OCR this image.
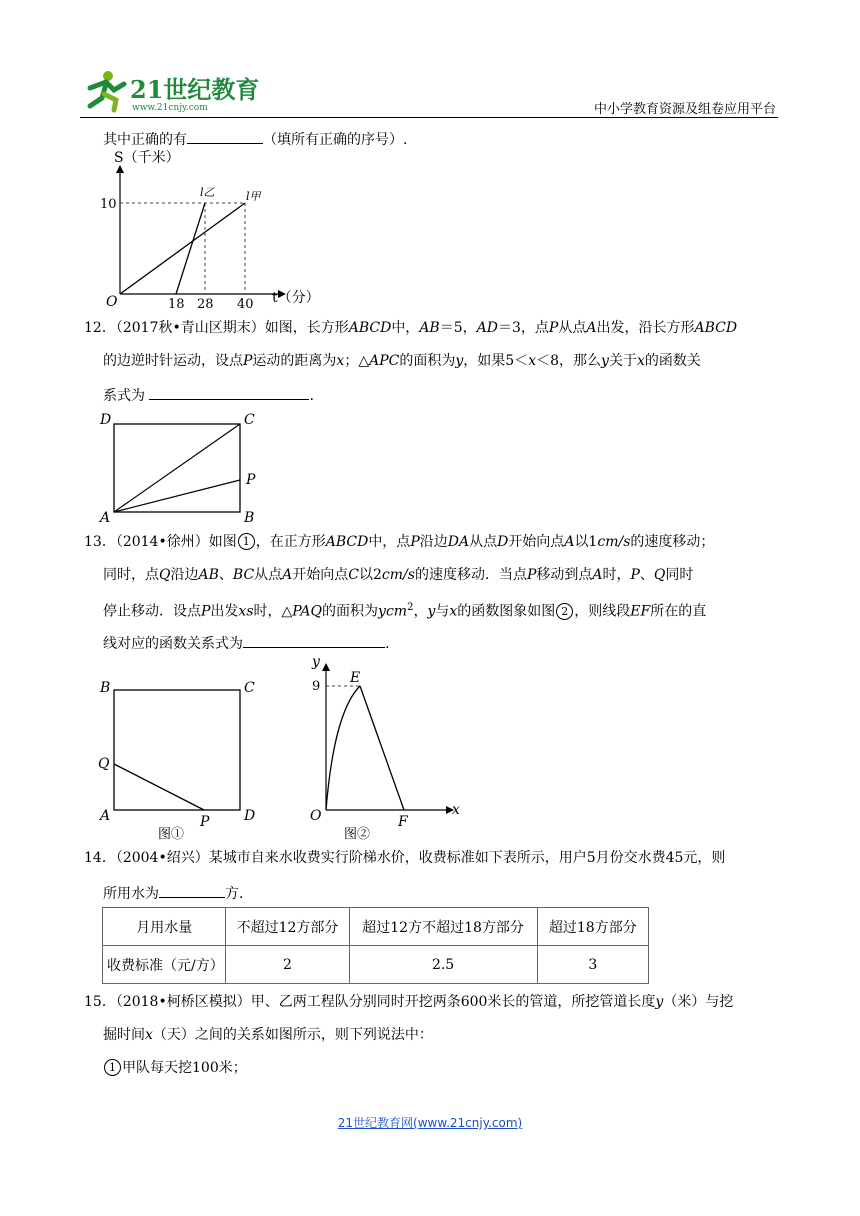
21世纪教育
www.21cnjy.com	中小学教育资源及组卷应用平台
其中正确的有	（填所有正确的序号）.
S（千米）
t（分）
O
10
18 28 40
l乙	l甲
12．（2017秋•青山区期末）如图，长方形ABCD中，AB＝5，AD＝3，点P从点A出发，沿长方形ABCD
的边逆时针运动，设点P运动的距离为x；△APC的面积为y，如果5＜x＜8，那么y关于x的函数关
系式为	.
D	C
P
A	B
13．（2014•徐州）如图 1 ，在正方形ABCD中，点P沿边DA从点D开始向点A以1cm/s的速度移动；
同时，点Q沿边AB、BC从点A开始向点C以2cm/s的速度移动．当点P移动到点A时，P、Q同时
停止移动．设点P出发xs时，△PAQ的面积为ycm$^2$，y与x的函数图象如图 2 ，则线段EF所在的直
线对应的函数关系式为	.
B	C
Q
A	P D
图①
y
E
9
O	F
x
图②
14．（2004•绍兴）某城市自来水收费实行阶梯水价，收费标准如下表所示，用户5月份交水费45元，则
所用水为	方．
月用水量	不超过12方部分	超过12方不超过18方部分	超过18方部分
收费标准（元/方）	2	2.5	3
15．（2018•柯桥区模拟）甲、乙两工程队分别同时开挖两条600米长的管道，所挖管道长度y（米）与挖
掘时间x（天）之间的关系如图所示，则下列说法中：
1 甲队每天挖100米；
21世纪教育网(www.21cnjy.com)
